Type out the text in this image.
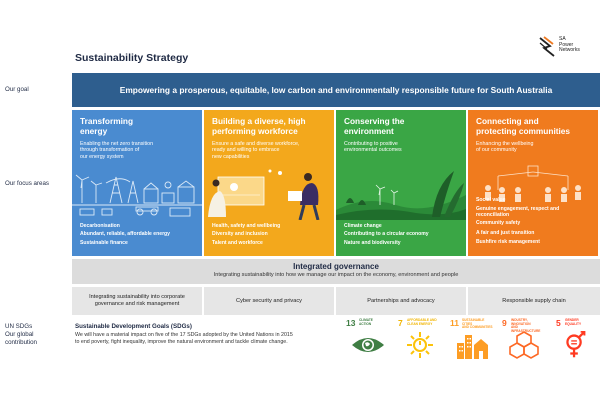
Sustainability Strategy
SA
Power
Networks
Our goal
Our focus areas
UN SDGs
Our global
contribution
Empowering a prosperous, equitable, low carbon and environmentally responsible future for South Australia
Transforming
energy
Enabling the net zero transition
through transformation of
our energy system
Decarbonisation
Abundant, reliable, affordable energy
Sustainable finance
Building a diverse, high
performing workforce
Ensure a safe and diverse workforce,
ready and willing to embrace
new capabilities
Health, safety and wellbeing
Diversity and inclusion
Talent and workforce
Conserving the
environment
Contributing to positive
environmental outcomes
Climate change
Contributing to a circular economy
Nature and biodiversity
Connecting and
protecting communities
Enhancing the wellbeing
of our community
Social value
Genuine engagement, respect and
reconciliation
Community safety
A fair and just transition
Bushfire risk management
Integrated governance
Integrating sustainability into how we manage our impact on the economy, environment and people
Integrating sustainability into corporate
governance and risk management
Cyber security and privacy	Partnerships and advocacy	Responsible supply chain
Sustainable Development Goals (SDGs)
We will have a material impact on five of the 17 SDGs adopted by the United Nations in 2015
to end poverty, fight inequality, improve the natural environment and tackle climate change.
13 CLIMATE
ACTION	7 AFFORDABLE AND
CLEAN ENERGY	11 SUSTAINABLE CITIES
AND COMMUNITIES 9 INDUSTRY, INNOVATION
AND INFRASTRUCTURE
5 GENDER
EQUALITY
